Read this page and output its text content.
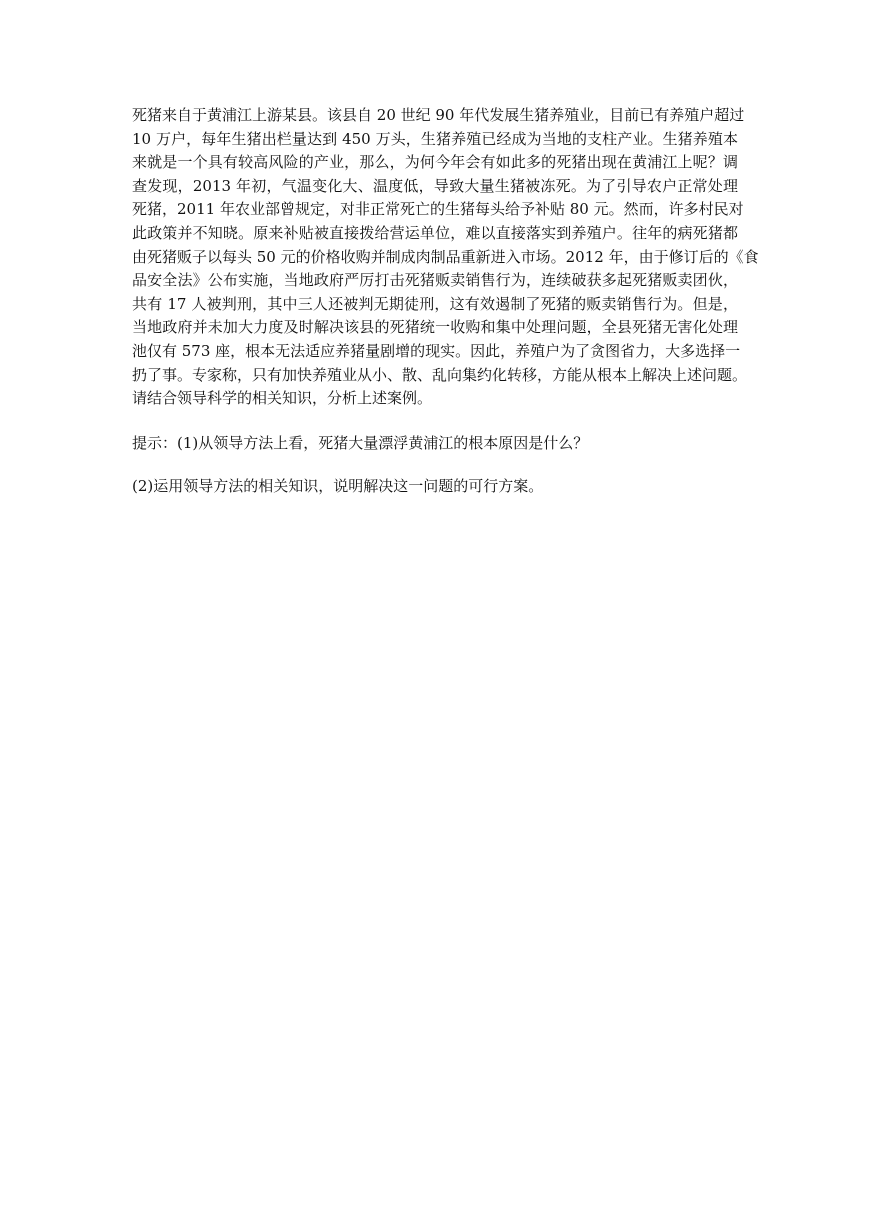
死猪来自于黄浦江上游某县。该县自 20 世纪 90 年代发展生猪养殖业，目前已有养殖户超过
10 万户，每年生猪出栏量达到 450 万头，生猪养殖已经成为当地的支柱产业。生猪养殖本
来就是一个具有较高风险的产业，那么，为何今年会有如此多的死猪出现在黄浦江上呢？调
查发现，2013 年初，气温变化大、温度低，导致大量生猪被冻死。为了引导农户正常处理
死猪，2011 年农业部曾规定，对非正常死亡的生猪每头给予补贴 80 元。然而，许多村民对
此政策并不知晓。原来补贴被直接拨给营运单位，难以直接落实到养殖户。往年的病死猪都
由死猪贩子以每头 50 元的价格收购并制成肉制品重新进入市场。2012 年，由于修订后的《食
品安全法》公布实施，当地政府严厉打击死猪贩卖销售行为，连续破获多起死猪贩卖团伙，
共有 17 人被判刑，其中三人还被判无期徒刑，这有效遏制了死猪的贩卖销售行为。但是，
当地政府并未加大力度及时解决该县的死猪统一收购和集中处理问题，全县死猪无害化处理
池仅有 573 座，根本无法适应养猪量剧增的现实。因此，养殖户为了贪图省力，大多选择一
扔了事。专家称，只有加快养殖业从小、散、乱向集约化转移，方能从根本上解决上述问题。
请结合领导科学的相关知识，分析上述案例。

提示：(1)从领导方法上看，死猪大量漂浮黄浦江的根本原因是什么？

(2)运用领导方法的相关知识，说明解决这一问题的可行方案。
